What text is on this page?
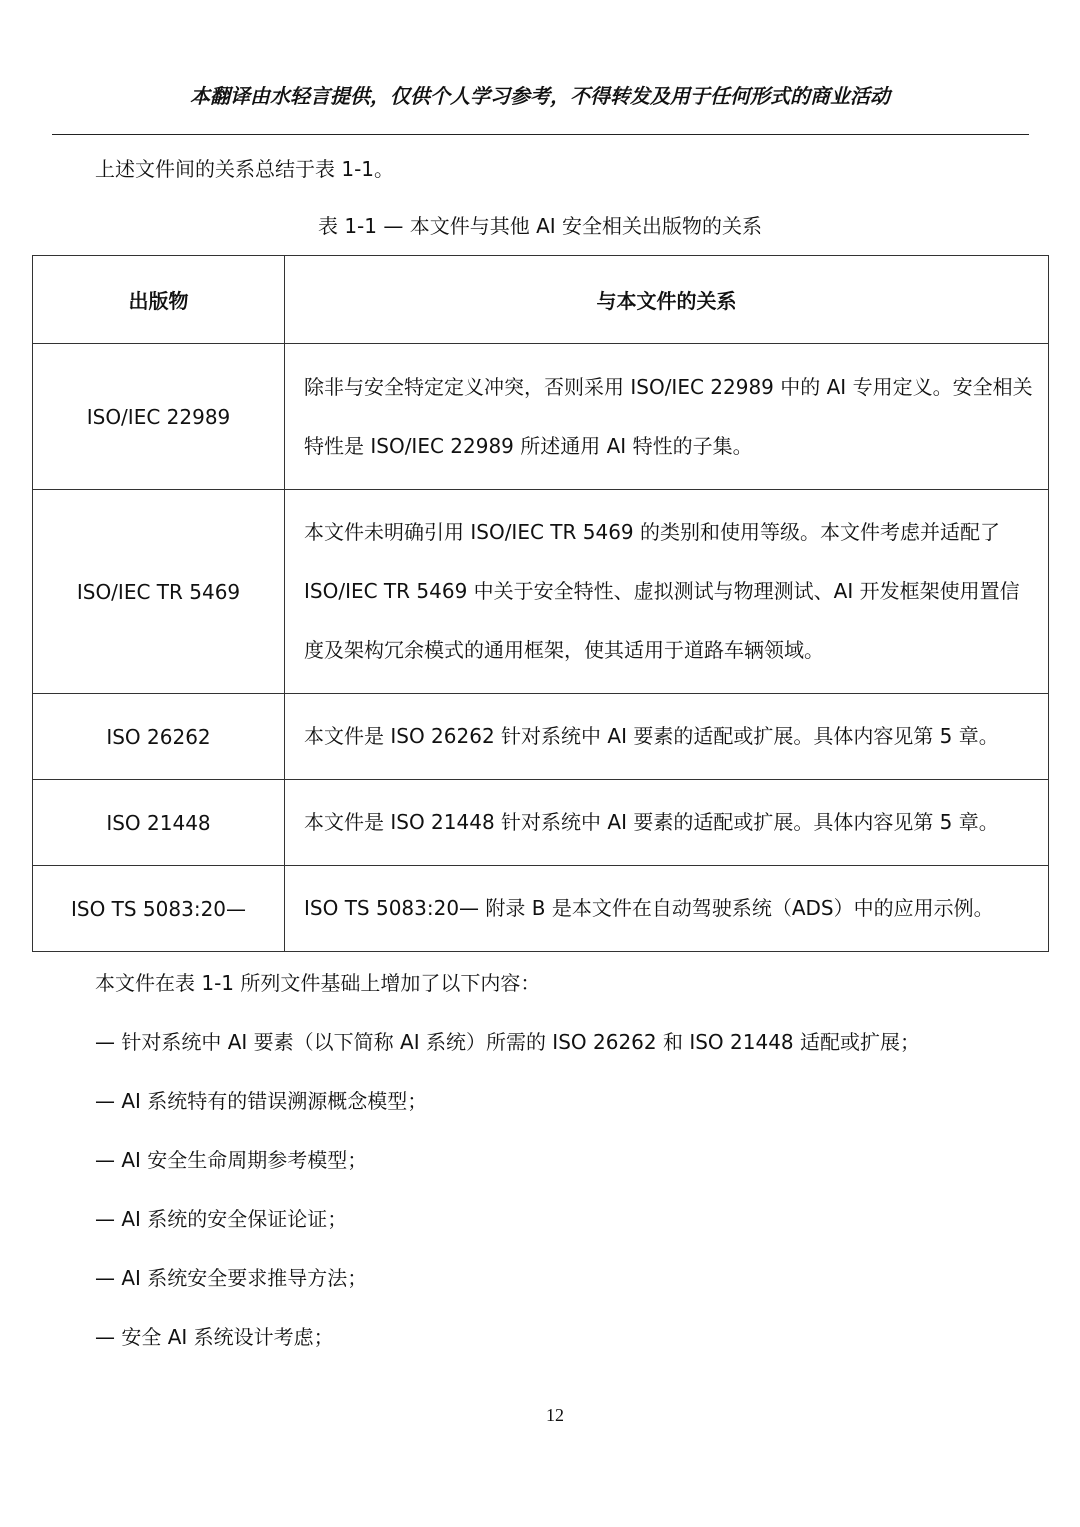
本翻译由水轻言提供，仅供个人学习参考，不得转发及用于任何形式的商业活动
上述文件间的关系总结于表 1-1。
表 1-1 — 本文件与其他 AI 安全相关出版物的关系
出版物	与本文件的关系
ISO/IEC 22989	除非与安全特定定义冲突，否则采用 ISO/IEC 22989 中的 AI 专用定义。安全相关特性是 ISO/IEC 22989 所述通用 AI 特性的子集。
ISO/IEC TR 5469	本文件未明确引用 ISO/IEC TR 5469 的类别和使用等级。本文件考虑并适配了 ISO/IEC TR 5469 中关于安全特性、虚拟测试与物理测试、AI 开发框架使用置信度及架构冗余模式的通用框架，使其适用于道路车辆领域。
ISO 26262	本文件是 ISO 26262 针对系统中 AI 要素的适配或扩展。具体内容见第 5 章。
ISO 21448	本文件是 ISO 21448 针对系统中 AI 要素的适配或扩展。具体内容见第 5 章。
ISO TS 5083:20—	ISO TS 5083:20— 附录 B 是本文件在自动驾驶系统（ADS）中的应用示例。
本文件在表 1-1 所列文件基础上增加了以下内容：
— 针对系统中 AI 要素（以下简称 AI 系统）所需的 ISO 26262 和 ISO 21448 适配或扩展；
— AI 系统特有的错误溯源概念模型；
— AI 安全生命周期参考模型；
— AI 系统的安全保证论证；
— AI 系统安全要求推导方法；
— 安全 AI 系统设计考虑；
12
